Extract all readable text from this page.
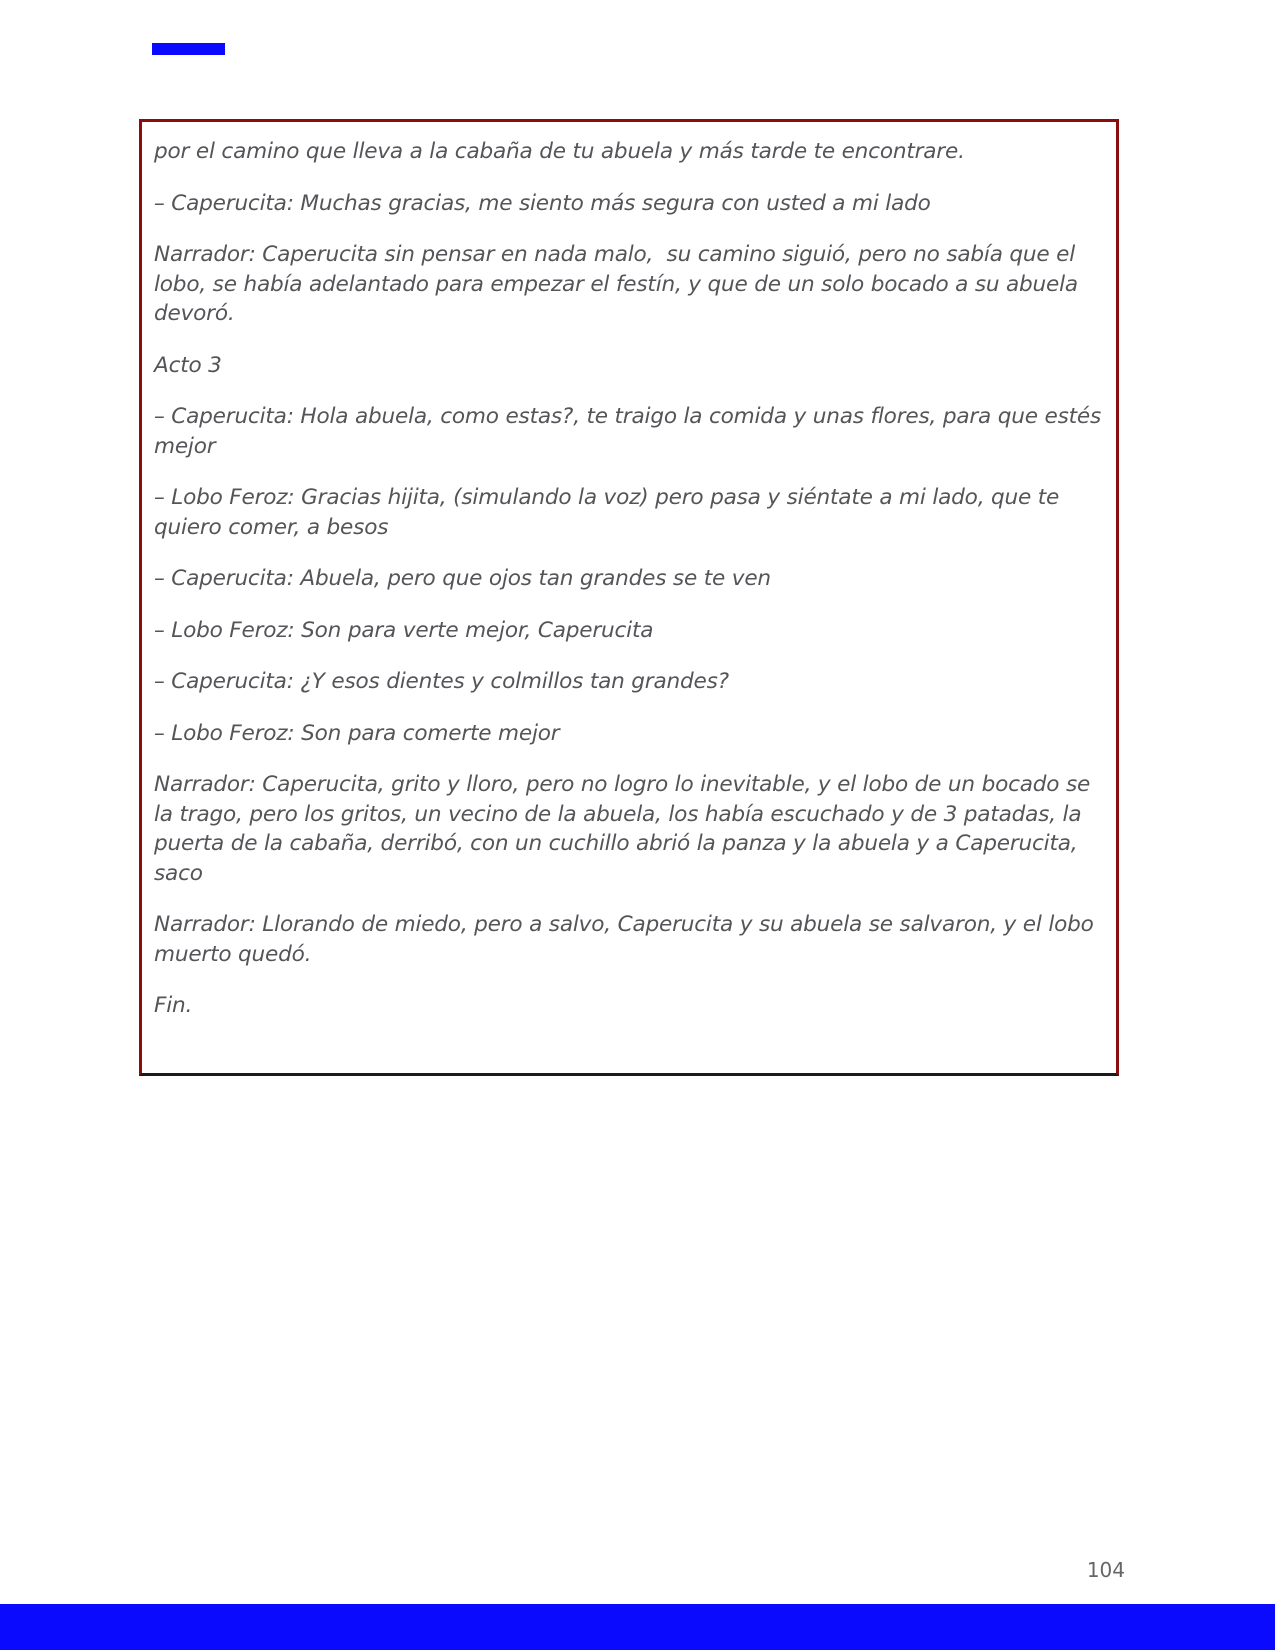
por el camino que lleva a la cabaña de tu abuela y más tarde te encontrare.

– Caperucita: Muchas gracias, me siento más segura con usted a mi lado

Narrador: Caperucita sin pensar en nada malo,  su camino siguió, pero no sabía que el lobo, se había adelantado para empezar el festín, y que de un solo bocado a su abuela devoró.

Acto 3

– Caperucita: Hola abuela, como estas?, te traigo la comida y unas flores, para que estés mejor

– Lobo Feroz: Gracias hijita, (simulando la voz) pero pasa y siéntate a mi lado, que te quiero comer, a besos

– Caperucita: Abuela, pero que ojos tan grandes se te ven

– Lobo Feroz: Son para verte mejor, Caperucita

– Caperucita: ¿Y esos dientes y colmillos tan grandes?

– Lobo Feroz: Son para comerte mejor

Narrador: Caperucita, grito y lloro, pero no logro lo inevitable, y el lobo de un bocado se la trago, pero los gritos, un vecino de la abuela, los había escuchado y de 3 patadas, la puerta de la cabaña, derribó, con un cuchillo abrió la panza y la abuela y a Caperucita, saco

Narrador: Llorando de miedo, pero a salvo, Caperucita y su abuela se salvaron, y el lobo muerto quedó.

Fin.

104
